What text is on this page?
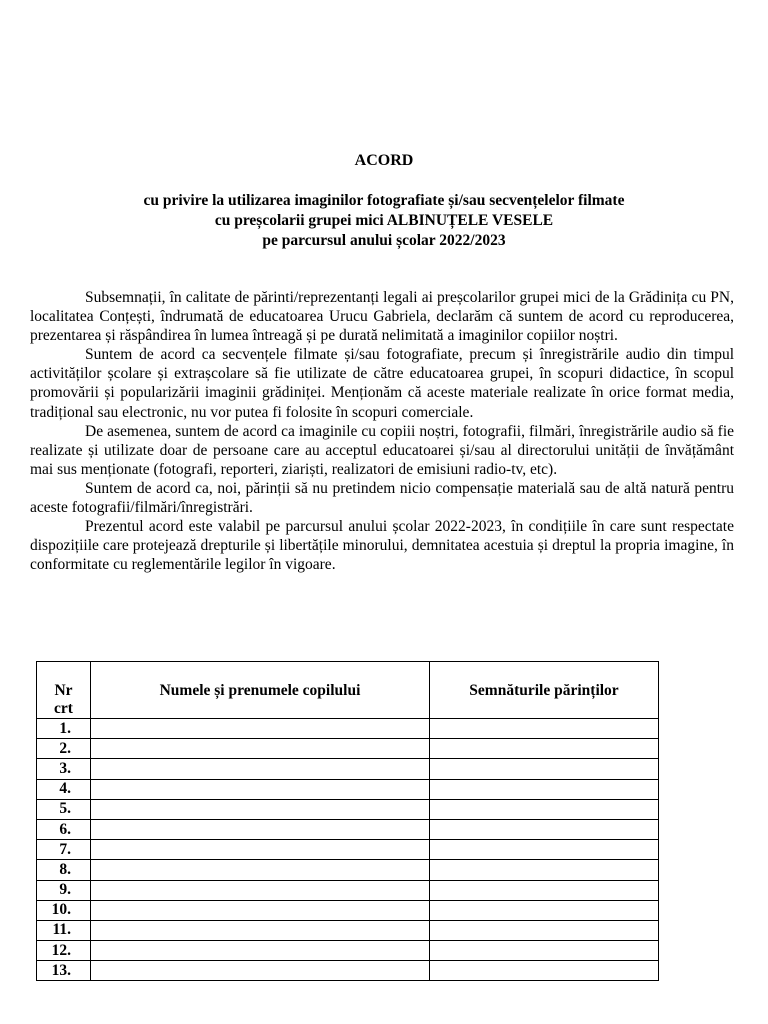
ACORD
cu privire la utilizarea imaginilor fotografiate și/sau secvențelelor filmate
cu preșcolarii grupei mici ALBINUȚELE VESELE
pe parcursul anului școlar 2022/2023

Subsemnații, în calitate de părinti/reprezentanți legali ai preșcolarilor grupei mici de la Grădinița cu PN, localitatea Conțești, îndrumată de educatoarea Urucu Gabriela, declarăm că suntem de acord cu reproducerea, prezentarea și răspândirea în lumea întreagă și pe durată nelimitată a imaginilor copiilor noștri.

Suntem de acord ca secvențele filmate și/sau fotografiate, precum și înregistrările audio din timpul activităților școlare și extrașcolare să fie utilizate de către educatoarea grupei, în scopuri didactice, în scopul promovării și popularizării imaginii grădiniței. Menționăm că aceste materiale realizate în orice format media, tradițional sau electronic, nu vor putea fi folosite în scopuri comerciale.

De asemenea, suntem de acord ca imaginile cu copiii noștri, fotografii, filmări, înregistrările audio să fie realizate și utilizate doar de persoane care au acceptul educatoarei și/sau al directorului unității de învățământ mai sus menționate (fotografi, reporteri, ziariști, realizatori de emisiuni radio-tv, etc).

Suntem de acord ca, noi, părinții să nu pretindem nicio compensație materială sau de altă natură pentru aceste fotografii/filmări/înregistrări.

Prezentul acord este valabil pe parcursul anului școlar 2022-2023, în condițiile în care sunt respectate dispozițiile care protejează drepturile și libertățile minorului, demnitatea acestuia și dreptul la propria imagine, în conformitate cu reglementările legilor în vigoare.

Nr
crt	Numele și prenumele copilului	Semnăturile părinților
1.		
2.		
3.		
4.		
5.		
6.		
7.		
8.		
9.		
10.		
11.		
12.		
13.		
